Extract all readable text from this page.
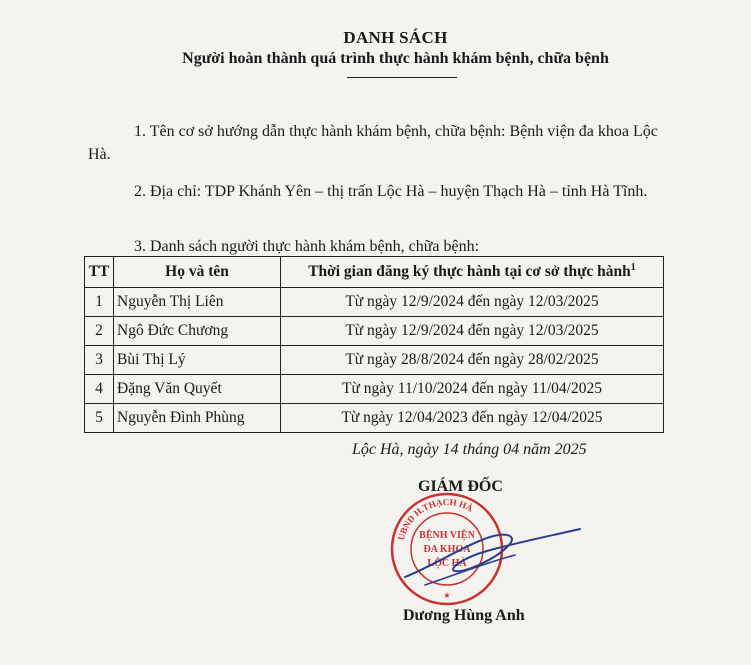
DANH SÁCH
Người hoàn thành quá trình thực hành khám bệnh, chữa bệnh
1. Tên cơ sở hướng dẫn thực hành khám bệnh, chữa bệnh: Bệnh viện đa khoa Lộc Hà.
2. Địa chỉ: TDP Khánh Yên – thị trấn Lộc Hà – huyện Thạch Hà – tỉnh Hà Tĩnh.
3. Danh sách người thực hành khám bệnh, chữa bệnh:
TT	Họ và tên	Thời gian đăng ký thực hành tại cơ sở thực hành$^1$
1	Nguyễn Thị Liên	Từ ngày 12/9/2024 đến ngày 12/03/2025
2	Ngô Đức Chương	Từ ngày 12/9/2024 đến ngày 12/03/2025
3	Bùi Thị Lý	Từ ngày 28/8/2024 đến ngày 28/02/2025
4	Đặng Văn Quyết	Từ ngày 11/10/2024 đến ngày 11/04/2025
5	Nguyễn Đình Phùng	Từ ngày 12/04/2023 đến ngày 12/04/2025
Lộc Hà, ngày 14 tháng 04 năm 2025
GIÁM ĐỐC
UBND H.THẠCH HÀ
BỆNH VIỆN
ĐA KHOA
LỘC HÀ
★
Dương Hùng Anh
